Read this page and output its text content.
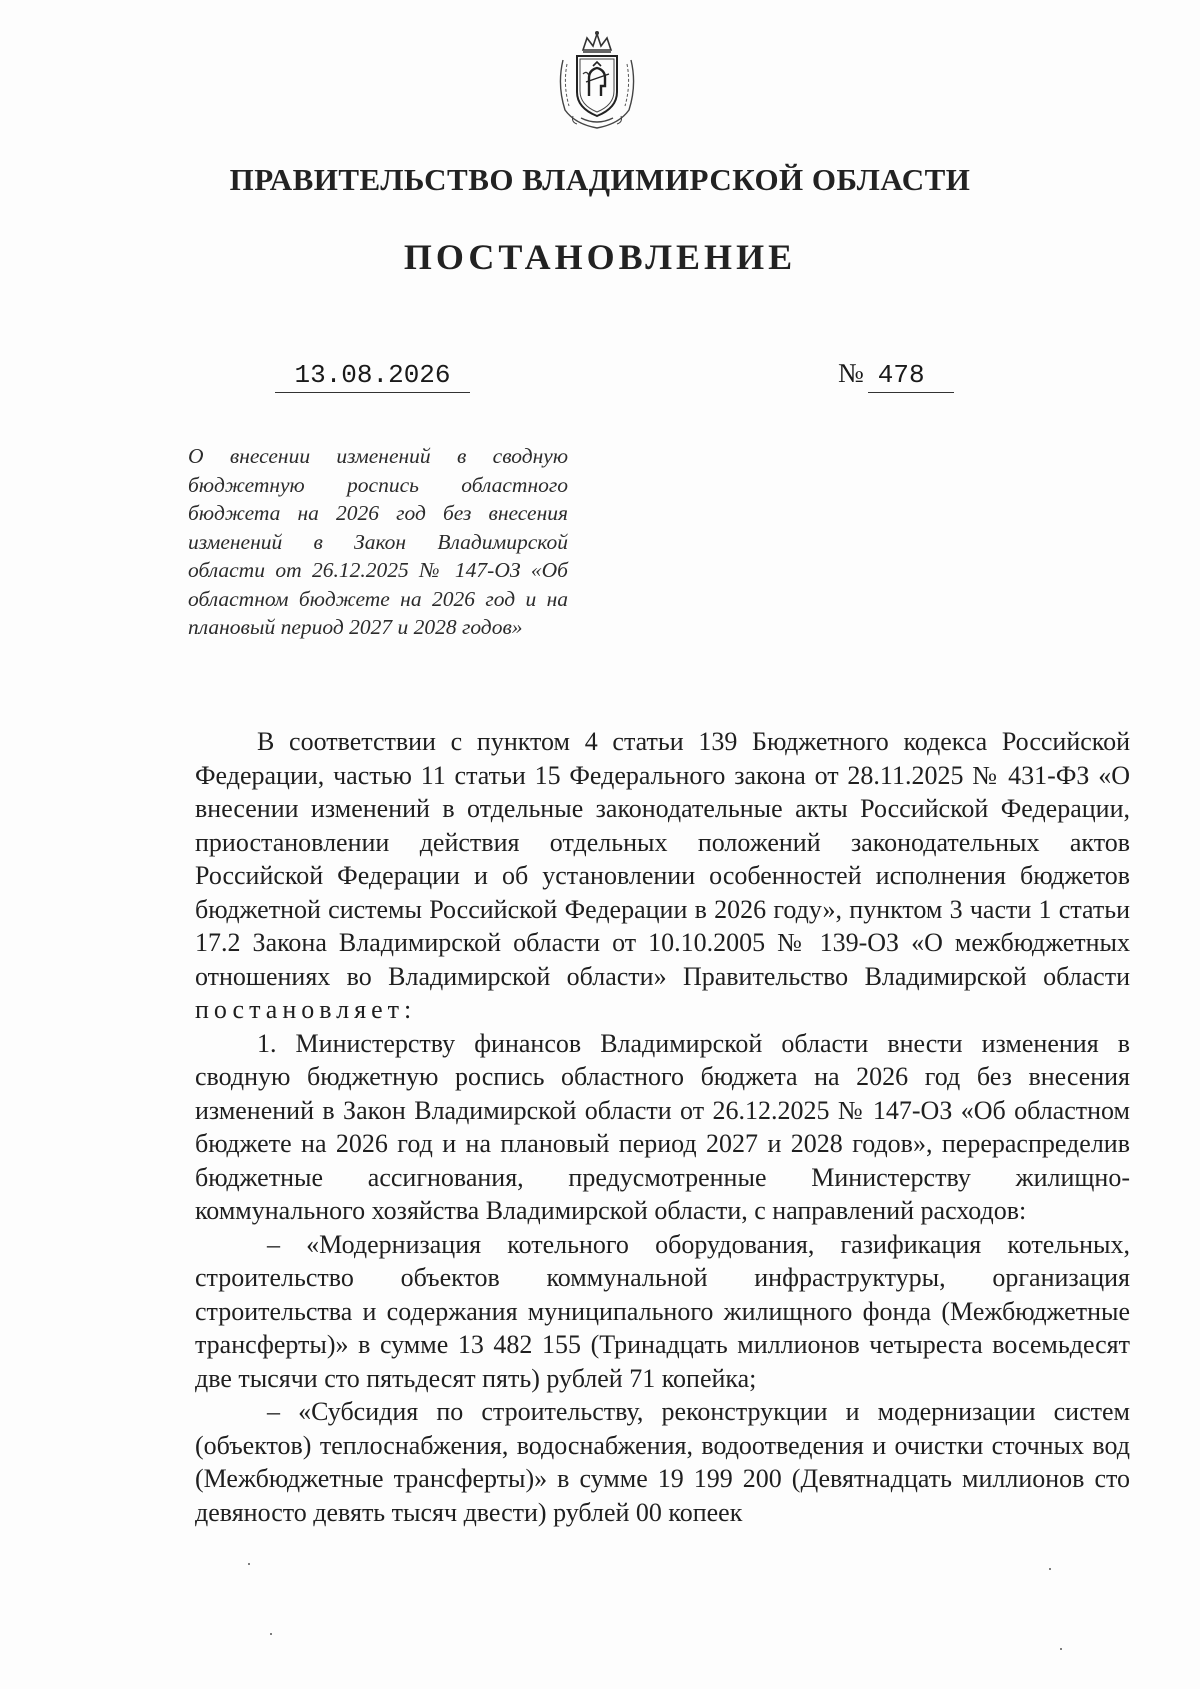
ПРАВИТЕЛЬСТВО ВЛАДИМИРСКОЙ ОБЛАСТИ
ПОСТАНОВЛЕНИЕ
13.08.2026	№ 478
О внесении изменений в сводную бюджетную роспись областного бюджета на 2026 год без внесения изменений в Закон Владимирской области от 26.12.2025 № 147-ОЗ «Об областном бюджете на 2026 год и на плановый период 2027 и 2028 годов»

В соответствии с пунктом 4 статьи 139 Бюджетного кодекса Российской Федерации, частью 11 статьи 15 Федерального закона от 28.11.2025 № 431-ФЗ «О внесении изменений в отдельные законодательные акты Российской Федерации, приостановлении действия отдельных положений законодательных актов Российской Федерации и об установлении особенностей исполнения бюджетов бюджетной системы Российской Федерации в 2026 году», пунктом 3 части 1 статьи 17.2 Закона Владимирской области от 10.10.2005 № 139-ОЗ «О межбюджетных отношениях во Владимирской области» Правительство Владимирской области постановляет:

1. Министерству финансов Владимирской области внести изменения в сводную бюджетную роспись областного бюджета на 2026 год без внесения изменений в Закон Владимирской области от 26.12.2025 № 147-ОЗ «Об областном бюджете на 2026 год и на плановый период 2027 и 2028 годов», перераспределив бюджетные ассигнования, предусмотренные Министерству жилищно-коммунального хозяйства Владимирской области, с направлений расходов:

– «Модернизация котельного оборудования, газификация котельных, строительство объектов коммунальной инфраструктуры, организация строительства и содержания муниципального жилищного фонда (Межбюджетные трансферты)» в сумме 13 482 155 (Тринадцать миллионов четыреста восемьдесят две тысячи сто пятьдесят пять) рублей 71 копейка;

– «Субсидия по строительству, реконструкции и модернизации систем (объектов) теплоснабжения, водоснабжения, водоотведения и очистки сточных вод (Межбюджетные трансферты)» в сумме 19 199 200 (Девятнадцать миллионов сто девяносто девять тысяч двести) рублей 00 копеек
